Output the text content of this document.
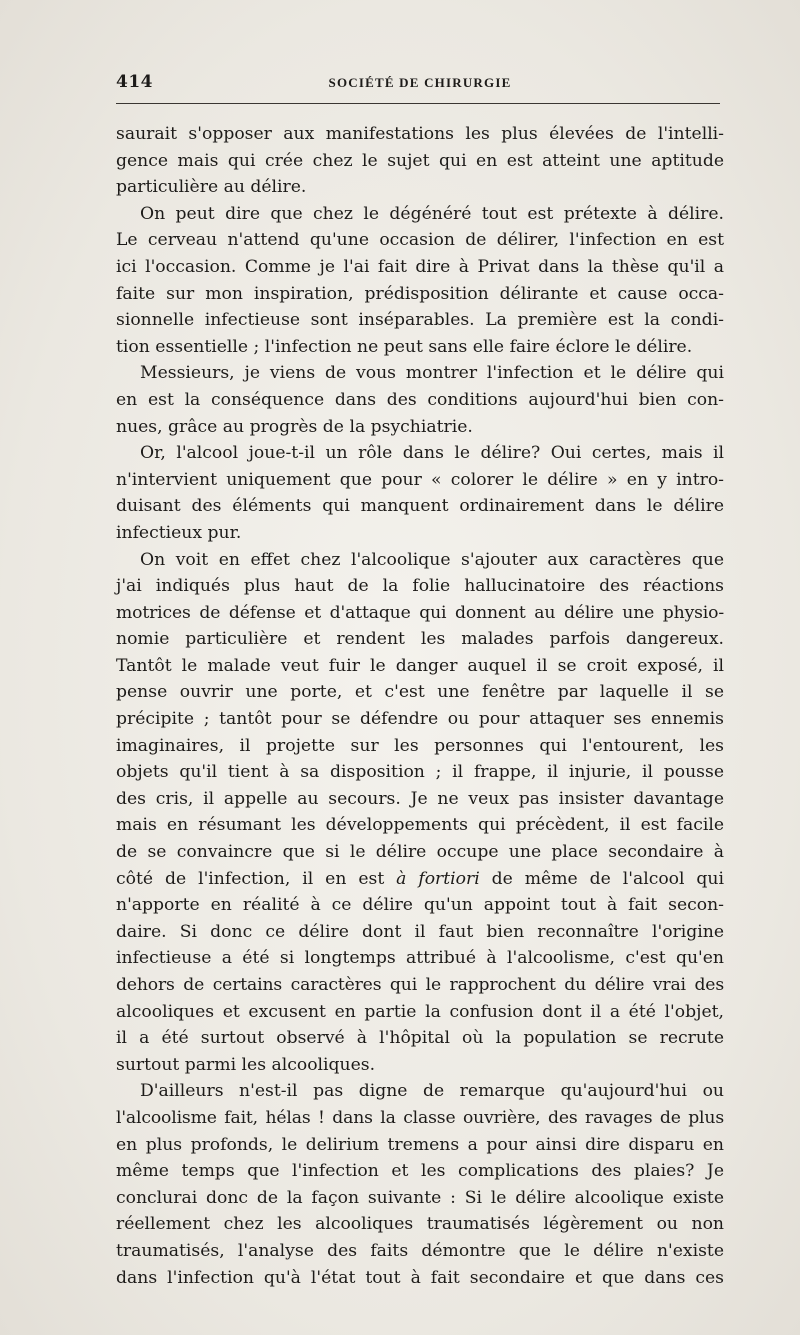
414	SOCIÉTÉ DE CHIRURGIE
saurait s'opposer aux manifestations les plus élevées de l'intelli-
gence mais qui crée chez le sujet qui en est atteint une aptitude
particulière au délire.
On peut dire que chez le dégénéré tout est prétexte à délire.
Le cerveau n'attend qu'une occasion de délirer, l'infection en est
ici l'occasion. Comme je l'ai fait dire à Privat dans la thèse qu'il a
faite sur mon inspiration, prédisposition délirante et cause occa-
sionnelle infectieuse sont inséparables. La première est la condi-
tion essentielle ; l'infection ne peut sans elle faire éclore le délire.
Messieurs, je viens de vous montrer l'infection et le délire qui
en est la conséquence dans des conditions aujourd'hui bien con-
nues, grâce au progrès de la psychiatrie.
Or, l'alcool joue-t-il un rôle dans le délire? Oui certes, mais il
n'intervient uniquement que pour « colorer le délire » en y intro-
duisant des éléments qui manquent ordinairement dans le délire
infectieux pur.
On voit en effet chez l'alcoolique s'ajouter aux caractères que
j'ai indiqués plus haut de la folie hallucinatoire des réactions
motrices de défense et d'attaque qui donnent au délire une physio-
nomie particulière et rendent les malades parfois dangereux.
Tantôt le malade veut fuir le danger auquel il se croit exposé, il
pense ouvrir une porte, et c'est une fenêtre par laquelle il se
précipite ; tantôt pour se défendre ou pour attaquer ses ennemis
imaginaires, il projette sur les personnes qui l'entourent, les
objets qu'il tient à sa disposition ; il frappe, il injurie, il pousse
des cris, il appelle au secours. Je ne veux pas insister davantage
mais en résumant les développements qui précèdent, il est facile
de se convaincre que si le délire occupe une place secondaire à
côté de l'infection, il en est à fortiori de même de l'alcool qui
n'apporte en réalité à ce délire qu'un appoint tout à fait secon-
daire. Si donc ce délire dont il faut bien reconnaître l'origine
infectieuse a été si longtemps attribué à l'alcoolisme, c'est qu'en
dehors de certains caractères qui le rapprochent du délire vrai des
alcooliques et excusent en partie la confusion dont il a été l'objet,
il a été surtout observé à l'hôpital où la population se recrute
surtout parmi les alcooliques.
D'ailleurs n'est-il pas digne de remarque qu'aujourd'hui ou
l'alcoolisme fait, hélas ! dans la classe ouvrière, des ravages de plus
en plus profonds, le delirium tremens a pour ainsi dire disparu en
même temps que l'infection et les complications des plaies? Je
conclurai donc de la façon suivante : Si le délire alcoolique existe
réellement chez les alcooliques traumatisés légèrement ou non
traumatisés, l'analyse des faits démontre que le délire n'existe
dans l'infection qu'à l'état tout à fait secondaire et que dans ces
